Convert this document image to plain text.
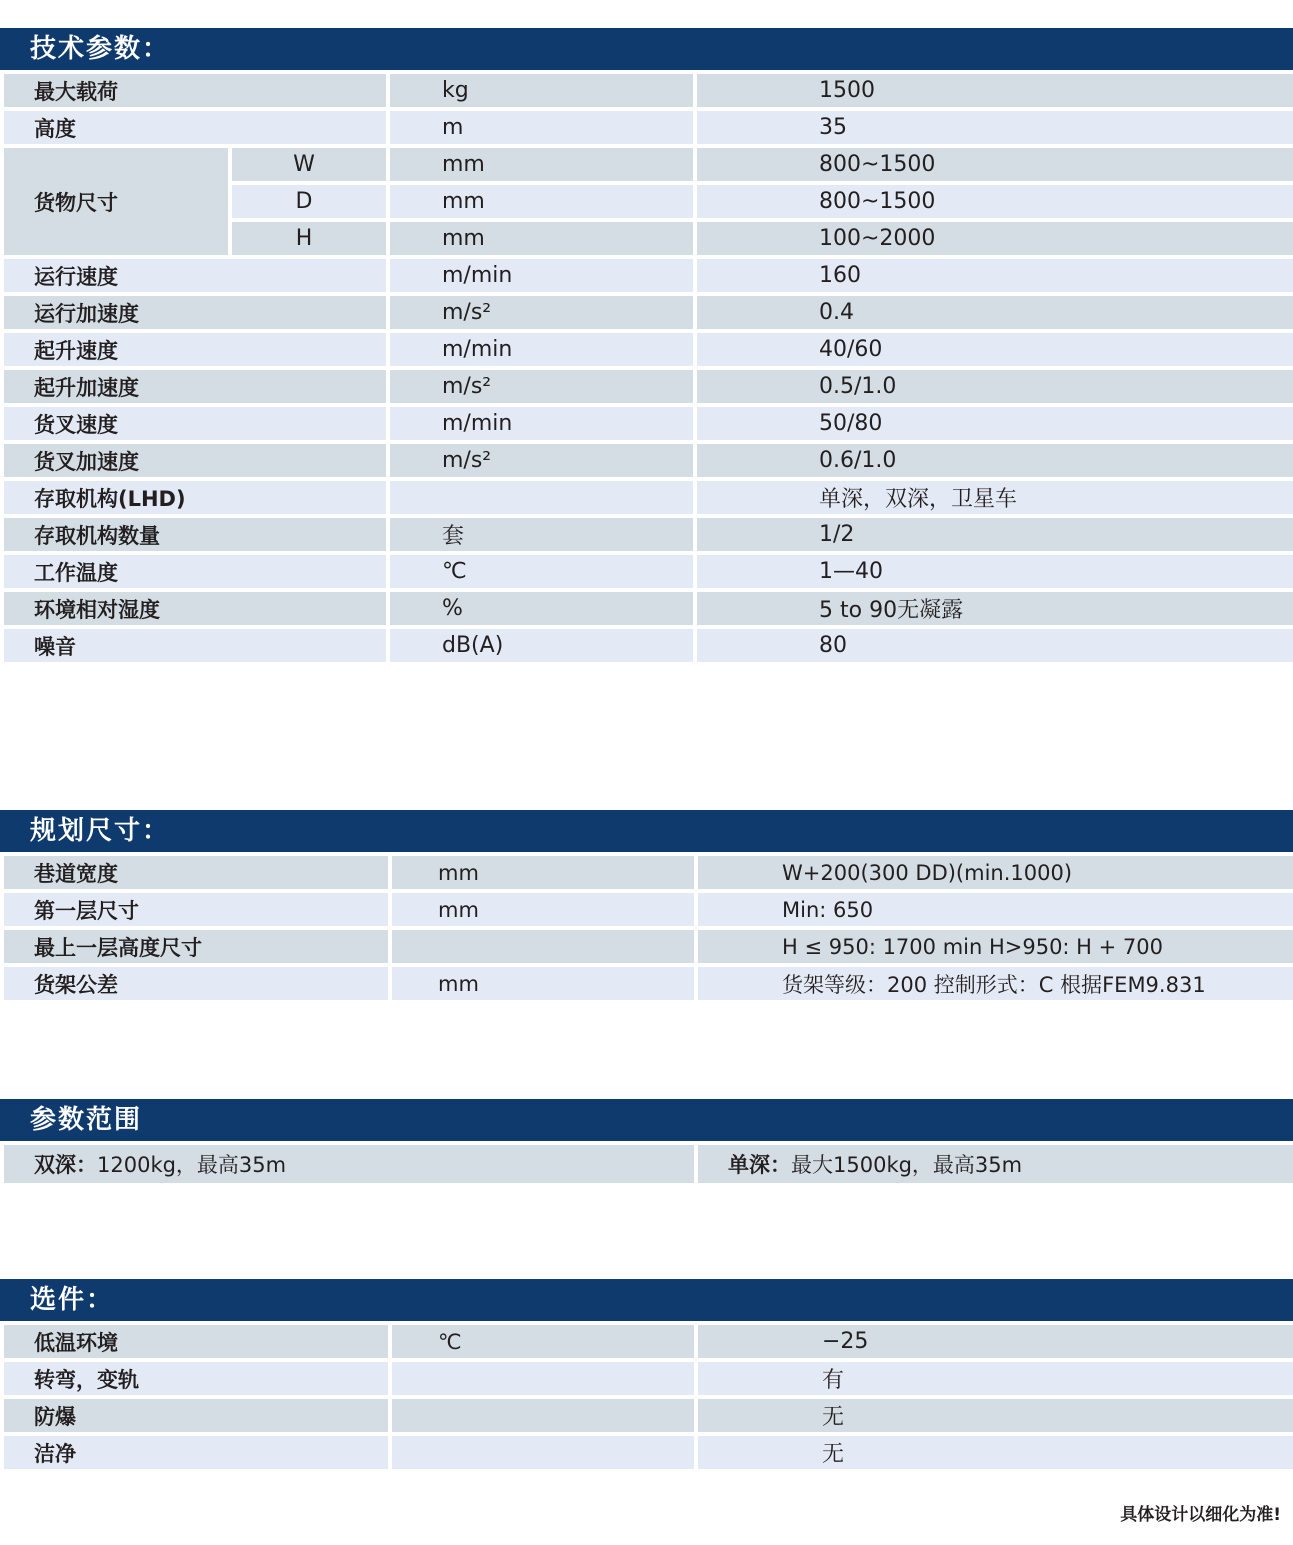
技术参数：
最大载荷		kg	1500
高度		m	35
货物尺寸	W	mm	800~1500
	D	mm	800~1500
	H	mm	100~2000
运行速度		m/min	160
运行加速度		m/s²	0.4
起升速度		m/min	40/60
起升加速度		m/s²	0.5/1.0
货叉速度		m/min	50/80
货叉加速度		m/s²	0.6/1.0
存取机构(LHD)			单深，双深，卫星车
存取机构数量		套	1/2
工作温度		℃	1—40
环境相对湿度		%	5 to 90无凝露
噪音		dB(A)	80
规划尺寸：
巷道宽度	mm	W+200(300 DD)(min.1000)
第一层尺寸	mm	Min: 650
最上一层高度尺寸		H ≤ 950: 1700 min H>950: H + 700
货架公差	mm	货架等级：200 控制形式：C 根据FEM9.831
参数范围
双深：1200kg，最高35m	单深：最大1500kg，最高35m
选件：
低温环境	℃	−25
转弯，变轨		有
防爆		无
洁净		无
具体设计以细化为准!
